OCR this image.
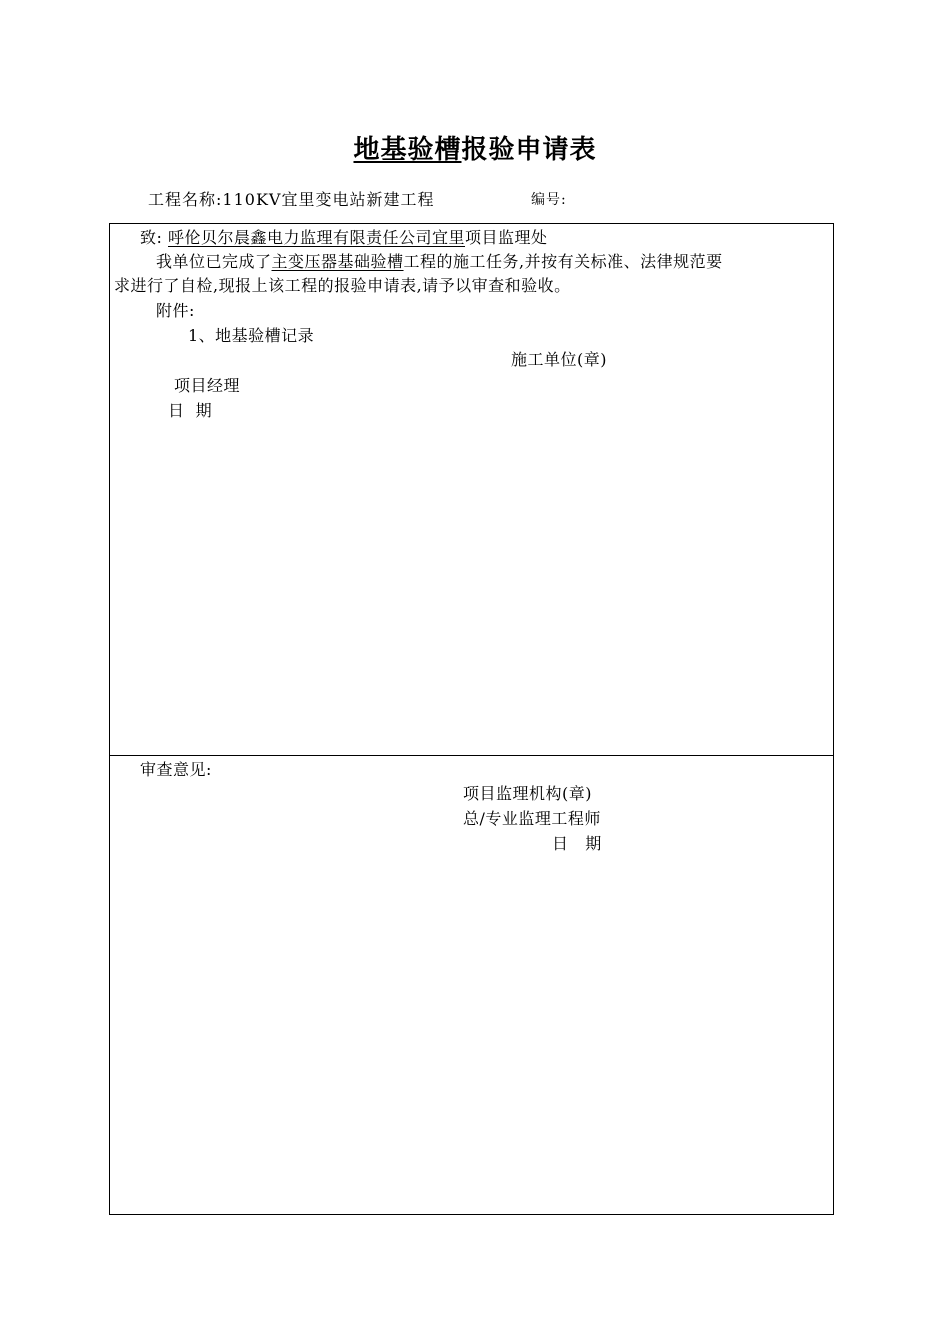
地基验槽报验申请表
工程名称:110KV宜里变电站新建工程	编号:
致: 呼伦贝尔晨鑫电力监理有限责任公司宜里项目监理处
我单位已完成了主变压器基础验槽工程的施工任务,并按有关标准、法律规范要
求进行了自检,现报上该工程的报验申请表,请予以审查和验收。
附件:
1、地基验槽记录
施工单位(章)
项目经理
日  期
审查意见:
项目监理机构(章)
总/专业监理工程师
日   期
